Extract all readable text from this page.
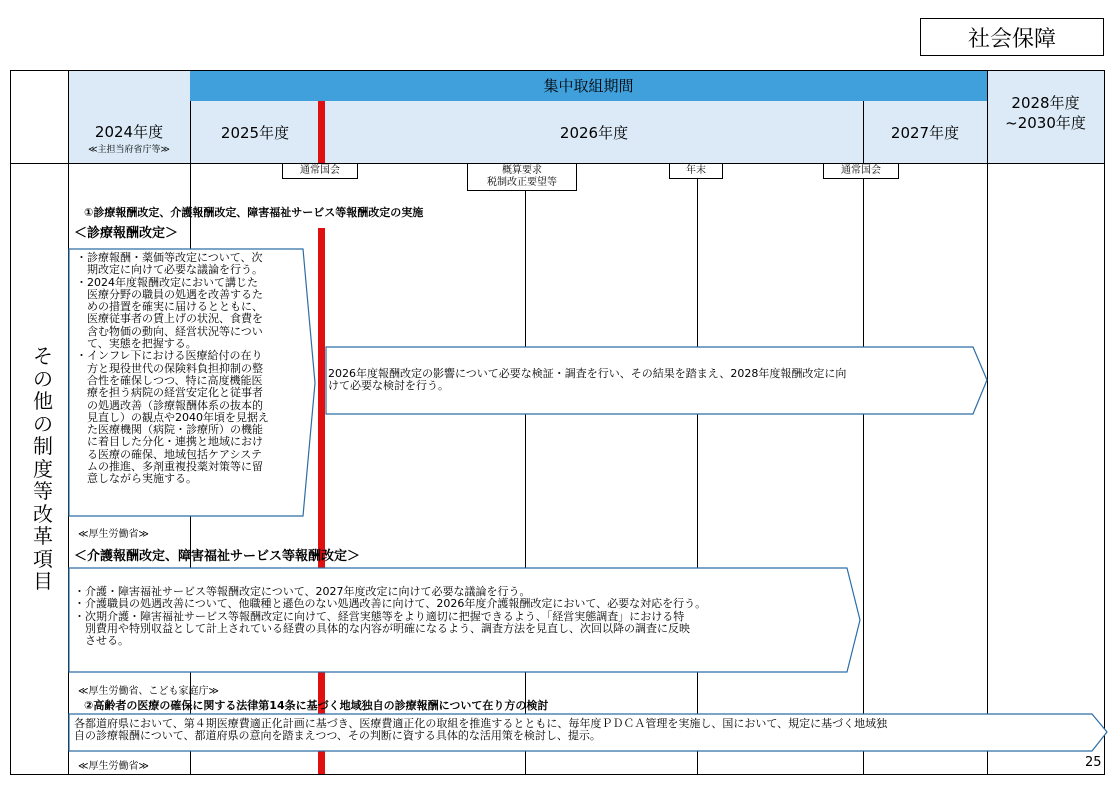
社会保障
集中取組期間
2024年度
≪主担当府省庁等≫
2025年度	2026年度	2027年度
2028年度
~2030年度
その他の制度等改革項目
通常国会	概算要求
税制改正要望等
年末	通常国会
①診療報酬改定、介護報酬改定、障害福祉サービス等報酬改定の実施
＜診療報酬改定＞
・診療報酬・薬価等改定について、次
　期改定に向けて必要な議論を行う。
・2024年度報酬改定において講じた
　医療分野の職員の処遇を改善するた
　めの措置を確実に届けるとともに、
　医療従事者の賃上げの状況、食費を
　含む物価の動向、経営状況等につい
　て、実態を把握する。
・インフレ下における医療給付の在り
　方と現役世代の保険料負担抑制の整
　合性を確保しつつ、特に高度機能医
　療を担う病院の経営安定化と従事者
　の処遇改善（診療報酬体系の抜本的
　見直し）の観点や2040年頃を見据え
　た医療機関（病院・診療所）の機能
　に着目した分化・連携と地域におけ
　る医療の確保、地域包括ケアシステ
　ムの推進、多剤重複投薬対策等に留
　意しながら実施する。
2026年度報酬改定の影響について必要な検証・調査を行い、その結果を踏まえ、2028年度報酬改定に向
けて必要な検討を行う。
≪厚生労働省≫
＜介護報酬改定、障害福祉サービス等報酬改定＞
・介護・障害福祉サービス等報酬改定について、2027年度改定に向けて必要な議論を行う。
・介護職員の処遇改善について、他職種と遜色のない処遇改善に向けて、2026年度介護報酬改定において、必要な対応を行う。
・次期介護・障害福祉サービス等報酬改定に向けて、経営実態等をより適切に把握できるよう、「経営実態調査」における特
　別費用や特別収益として計上されている経費の具体的な内容が明確になるよう、調査方法を見直し、次回以降の調査に反映
　させる。
≪厚生労働省、こども家庭庁≫
②高齢者の医療の確保に関する法律第14条に基づく地域独自の診療報酬について在り方の検討
各都道府県において、第４期医療費適正化計画に基づき、医療費適正化の取組を推進するとともに、毎年度ＰＤＣＡ管理を実施し、国において、規定に基づく地域独
自の診療報酬について、都道府県の意向を踏まえつつ、その判断に資する具体的な活用策を検討し、提示。
≪厚生労働省≫	25
